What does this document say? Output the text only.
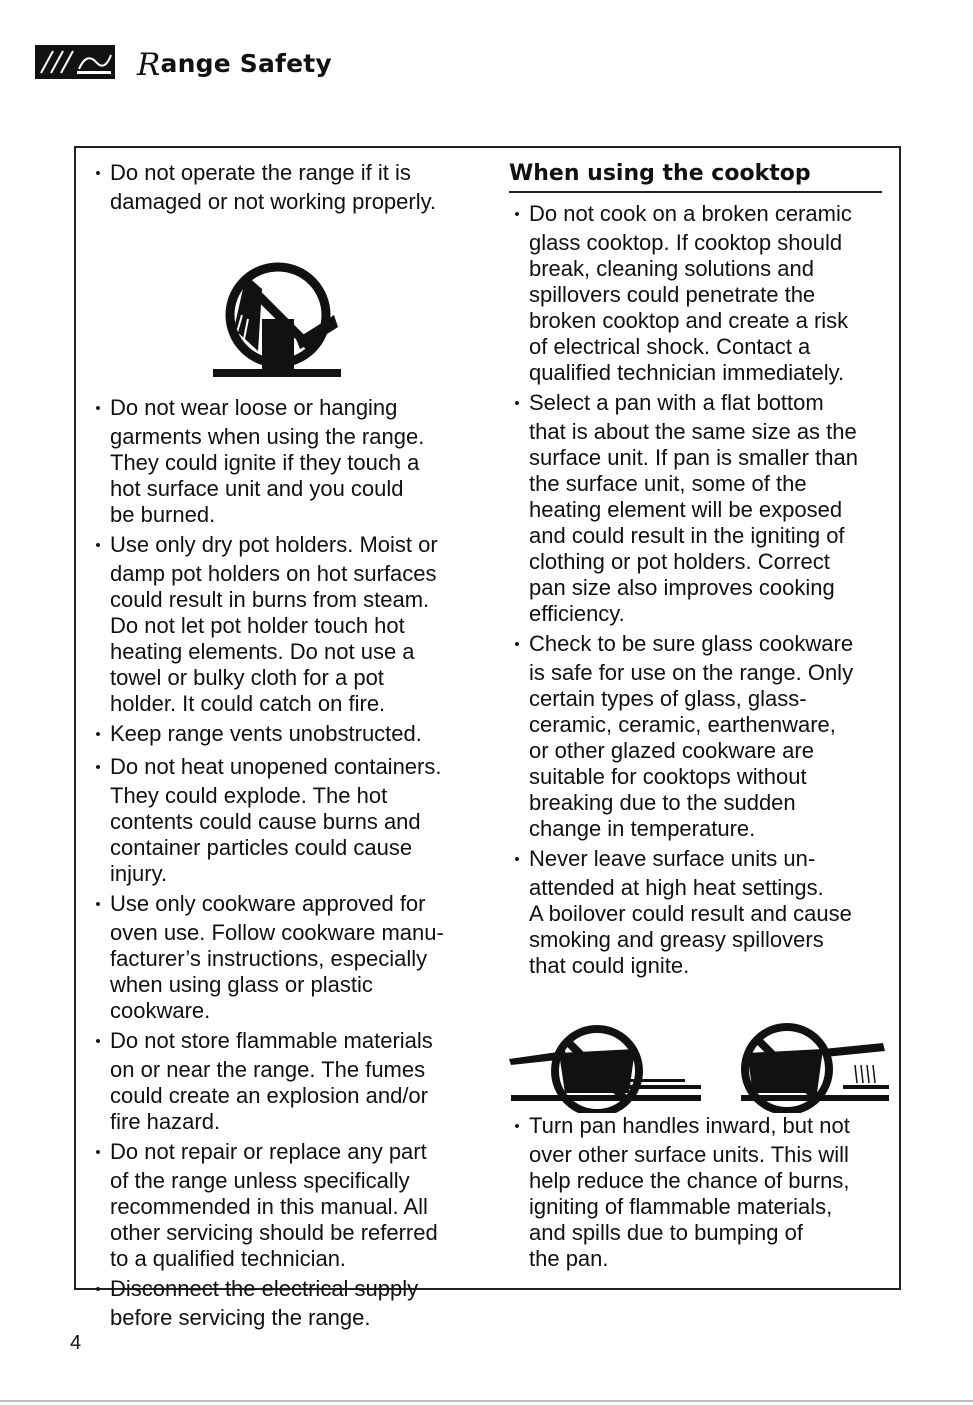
Range Safety
• Do not operate the range if it is
damaged or not working properly.
• Do not wear loose or hanging
garments when using the range.
They could ignite if they touch a
hot surface unit and you could
be burned.
• Use only dry pot holders. Moist or
damp pot holders on hot surfaces
could result in burns from steam.
Do not let pot holder touch hot
heating elements. Do not use a
towel or bulky cloth for a pot
holder. It could catch on fire.
• Keep range vents unobstructed.
• Do not heat unopened containers.
They could explode. The hot
contents could cause burns and
container particles could cause
injury.
• Use only cookware approved for
oven use. Follow cookware manu-
facturer’s instructions, especially
when using glass or plastic
cookware.
• Do not store flammable materials
on or near the range. The fumes
could create an explosion and/or
fire hazard.
• Do not repair or replace any part
of the range unless specifically
recommended in this manual. All
other servicing should be referred
to a qualified technician.
• Disconnect the electrical supply
before servicing the range.
When using the cooktop
• Do not cook on a broken ceramic
glass cooktop. If cooktop should
break, cleaning solutions and
spillovers could penetrate the
broken cooktop and create a risk
of electrical shock. Contact a
qualified technician immediately.
• Select a pan with a flat bottom
that is about the same size as the
surface unit. If pan is smaller than
the surface unit, some of the
heating element will be exposed
and could result in the igniting of
clothing or pot holders. Correct
pan size also improves cooking
efficiency.
• Check to be sure glass cookware
is safe for use on the range. Only
certain types of glass, glass-
ceramic, ceramic, earthenware,
or other glazed cookware are
suitable for cooktops without
breaking due to the sudden
change in temperature.
• Never leave surface units un-
attended at high heat settings.
A boilover could result and cause
smoking and greasy spillovers
that could ignite.
• Turn pan handles inward, but not
over other surface units. This will
help reduce the chance of burns,
igniting of flammable materials,
and spills due to bumping of
the pan.
4
